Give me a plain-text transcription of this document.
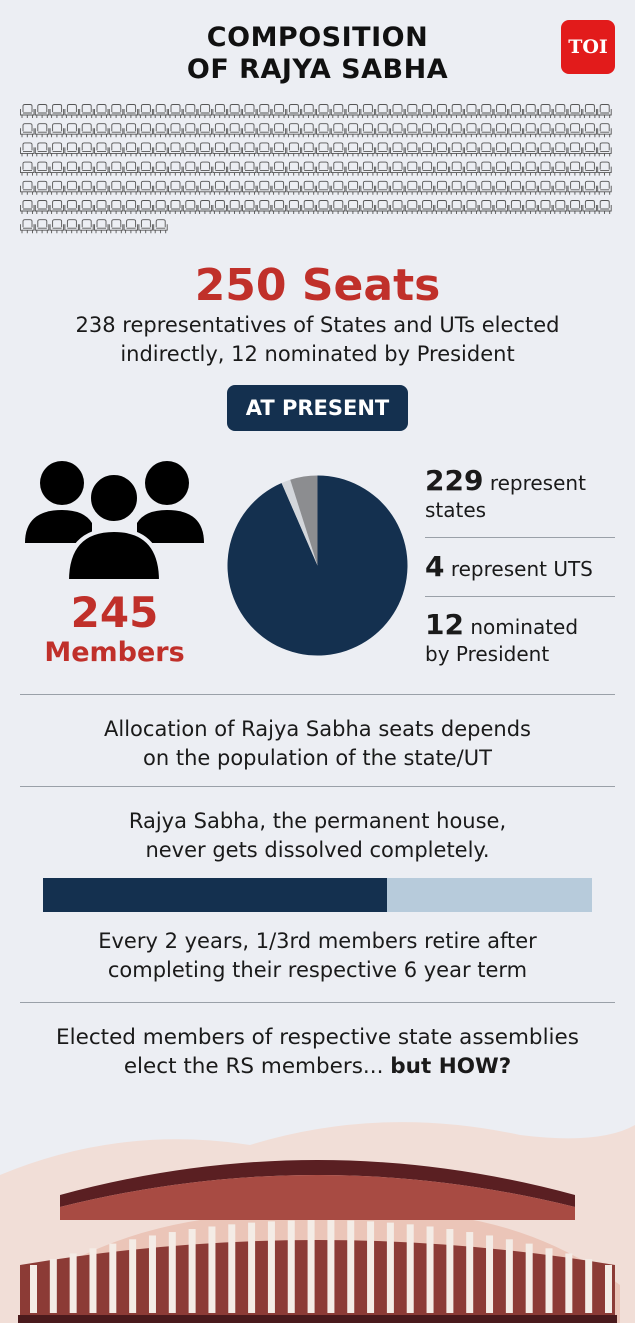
COMPOSITION
OF RAJYA SABHA
TOI
250 Seats
238 representatives of States and UTs elected
indirectly, 12 nominated by President
AT PRESENT
245
Members
229 represent
states
4 represent UTS
12 nominated
by President
Allocation of Rajya Sabha seats depends
on the population of the state/UT
Rajya Sabha, the permanent house,
never gets dissolved completely.
Every 2 years, 1/3rd members retire after
completing their respective 6 year term
Elected members of respective state assemblies
elect the RS members... but HOW?
